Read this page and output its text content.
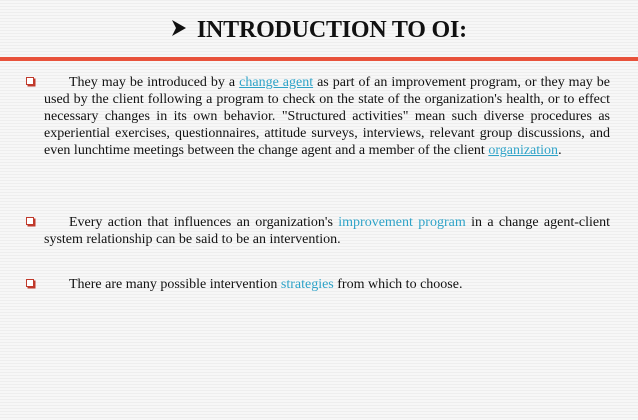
INTRODUCTION TO OI:
They may be introduced by a change agent as part of an improvement program, or they may be used by the client following a program to check on the state of the organization's health, or to effect necessary changes in its own behavior. "Structured activities" mean such diverse procedures as experiential exercises, questionnaires, attitude surveys, interviews, relevant group discussions, and even lunchtime meetings between the change agent and a member of the client organization.
Every action that influences an organization's improvement program in a change agent-client system relationship can be said to be an intervention.
There are many possible intervention strategies from which to choose.
